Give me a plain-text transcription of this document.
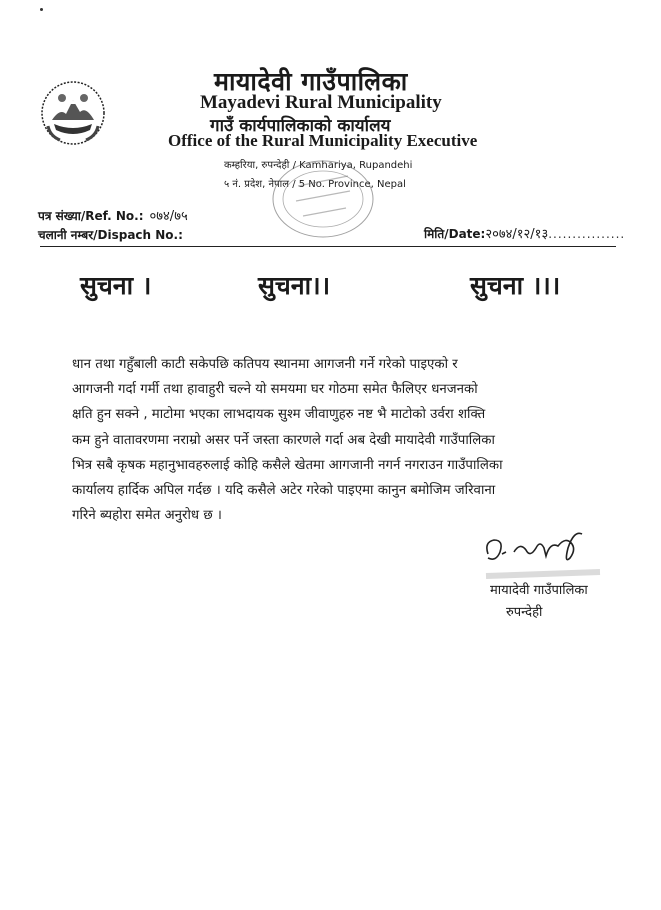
मायादेवी गाउँपालिका
Mayadevi Rural Municipality
गाउँ कार्यपालिकाको कार्यालय
Office of the Rural Municipality Executive
कम्हरिया, रुपन्देही / Kamhariya, Rupandehi
५ नं. प्रदेश, नेपाल / 5 No. Province, Nepal
पत्र संख्या/Ref. No.: ०७४/७५
चलानी नम्बर/Dispach No.:	मिति/Date:२०७४/१२/१३................
सुचना ।	सुचना।।	सुचना ।।।
धान तथा गहुँबाली काटी सकेपछि कतिपय स्थानमा आगजनी गर्ने गरेको पाइएको र
आगजनी गर्दा गर्मी तथा हावाहुरी चल्ने यो समयमा घर गोठमा समेत फैलिएर धनजनको
क्षति हुन सक्ने , माटोमा भएका लाभदायक सुश्म जीवाणुहरु नष्ट भै माटोको उर्वरा शक्ति
कम हुने वातावरणमा नराम्रो असर पर्ने जस्ता कारणले गर्दा अब देखी मायादेवी गाउँपालिका
भित्र सबै कृषक महानुभावहरुलाई कोहि कसैले खेतमा आगजानी नगर्न नगराउन गाउँपालिका
कार्यालय हार्दिक अपिल गर्दछ । यदि कसैले अटेर गरेको पाइएमा कानुन बमोजिम जरिवाना
गरिने ब्यहोरा समेत अनुरोध छ ।
मायादेवी गाउँपालिका
रुपन्देही
